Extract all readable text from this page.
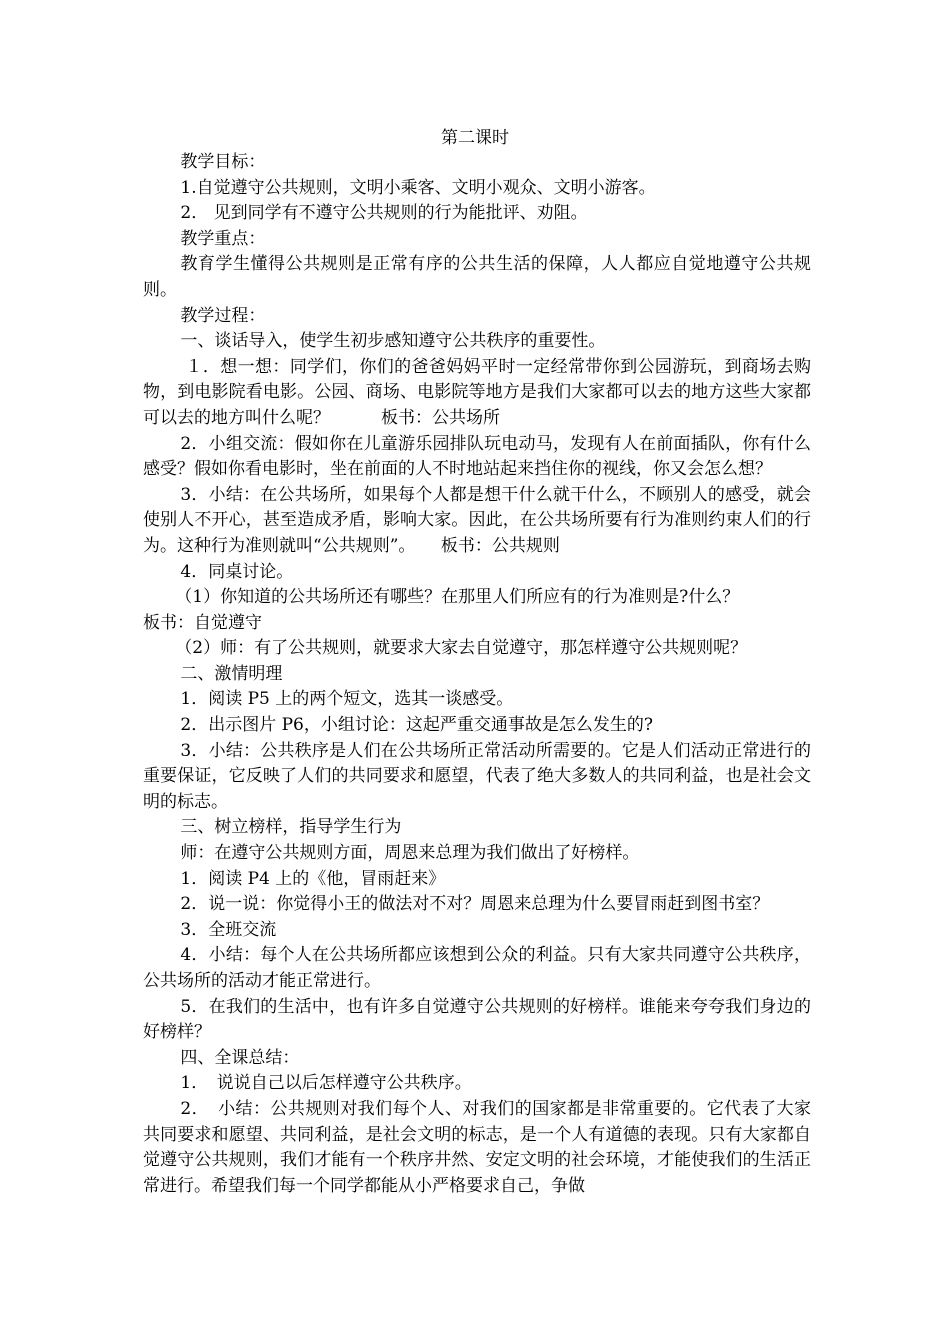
第二课时

教学目标：

1.自觉遵守公共规则，文明小乘客、文明小观众、文明小游客。

2． 见到同学有不遵守公共规则的行为能批评、劝阻。

教学重点：

教育学生懂得公共规则是正常有序的公共生活的保障，人人都应自觉地遵守公共规则。

教学过程：

一、谈话导入，使学生初步感知遵守公共秩序的重要性。

１．想一想：同学们，你们的爸爸妈妈平时一定经常带你到公园游玩，到商场去购物，到电影院看电影。公园、商场、电影院等地方是我们大家都可以去的地方这些大家都可以去的地方叫什么呢？　　　板书：公共场所

2．小组交流：假如你在儿童游乐园排队玩电动马，发现有人在前面插队，你有什么感受？假如你看电影时，坐在前面的人不时地站起来挡住你的视线，你又会怎么想？

3．小结：在公共场所，如果每个人都是想干什么就干什么，不顾别人的感受，就会使别人不开心，甚至造成矛盾，影响大家。因此，在公共场所要有行为准则约束人们的行为。这种行为准则就叫“公共规则”。　　板书：公共规则

4．同桌讨论。

（1）你知道的公共场所还有哪些？在那里人们所应有的行为准则是?什么？

板书：自觉遵守

（2）师：有了公共规则，就要求大家去自觉遵守，那怎样遵守公共规则呢？

二、激情明理

1．阅读 P5 上的两个短文，选其一谈感受。

2．出示图片 P6，小组讨论：这起严重交通事故是怎么发生的?

3．小结：公共秩序是人们在公共场所正常活动所需要的。它是人们活动正常进行的重要保证，它反映了人们的共同要求和愿望，代表了绝大多数人的共同利益，也是社会文明的标志。

三、树立榜样，指导学生行为

师：在遵守公共规则方面，周恩来总理为我们做出了好榜样。

1．阅读 P4 上的《他，冒雨赶来》

2．说一说：你觉得小王的做法对不对？周恩来总理为什么要冒雨赶到图书室？

3．全班交流

4．小结：每个人在公共场所都应该想到公众的利益。只有大家共同遵守公共秩序，公共场所的活动才能正常进行。

5．在我们的生活中，也有许多自觉遵守公共规则的好榜样。谁能来夸夸我们身边的好榜样？

四、全课总结：

1．　说说自己以后怎样遵守公共秩序。

2．　小结：公共规则对我们每个人、对我们的国家都是非常重要的。它代表了大家共同要求和愿望、共同利益，是社会文明的标志，是一个人有道德的表现。只有大家都自觉遵守公共规则，我们才能有一个秩序井然、安定文明的社会环境，才能使我们的生活正常进行。希望我们每一个同学都能从小严格要求自己，争做
